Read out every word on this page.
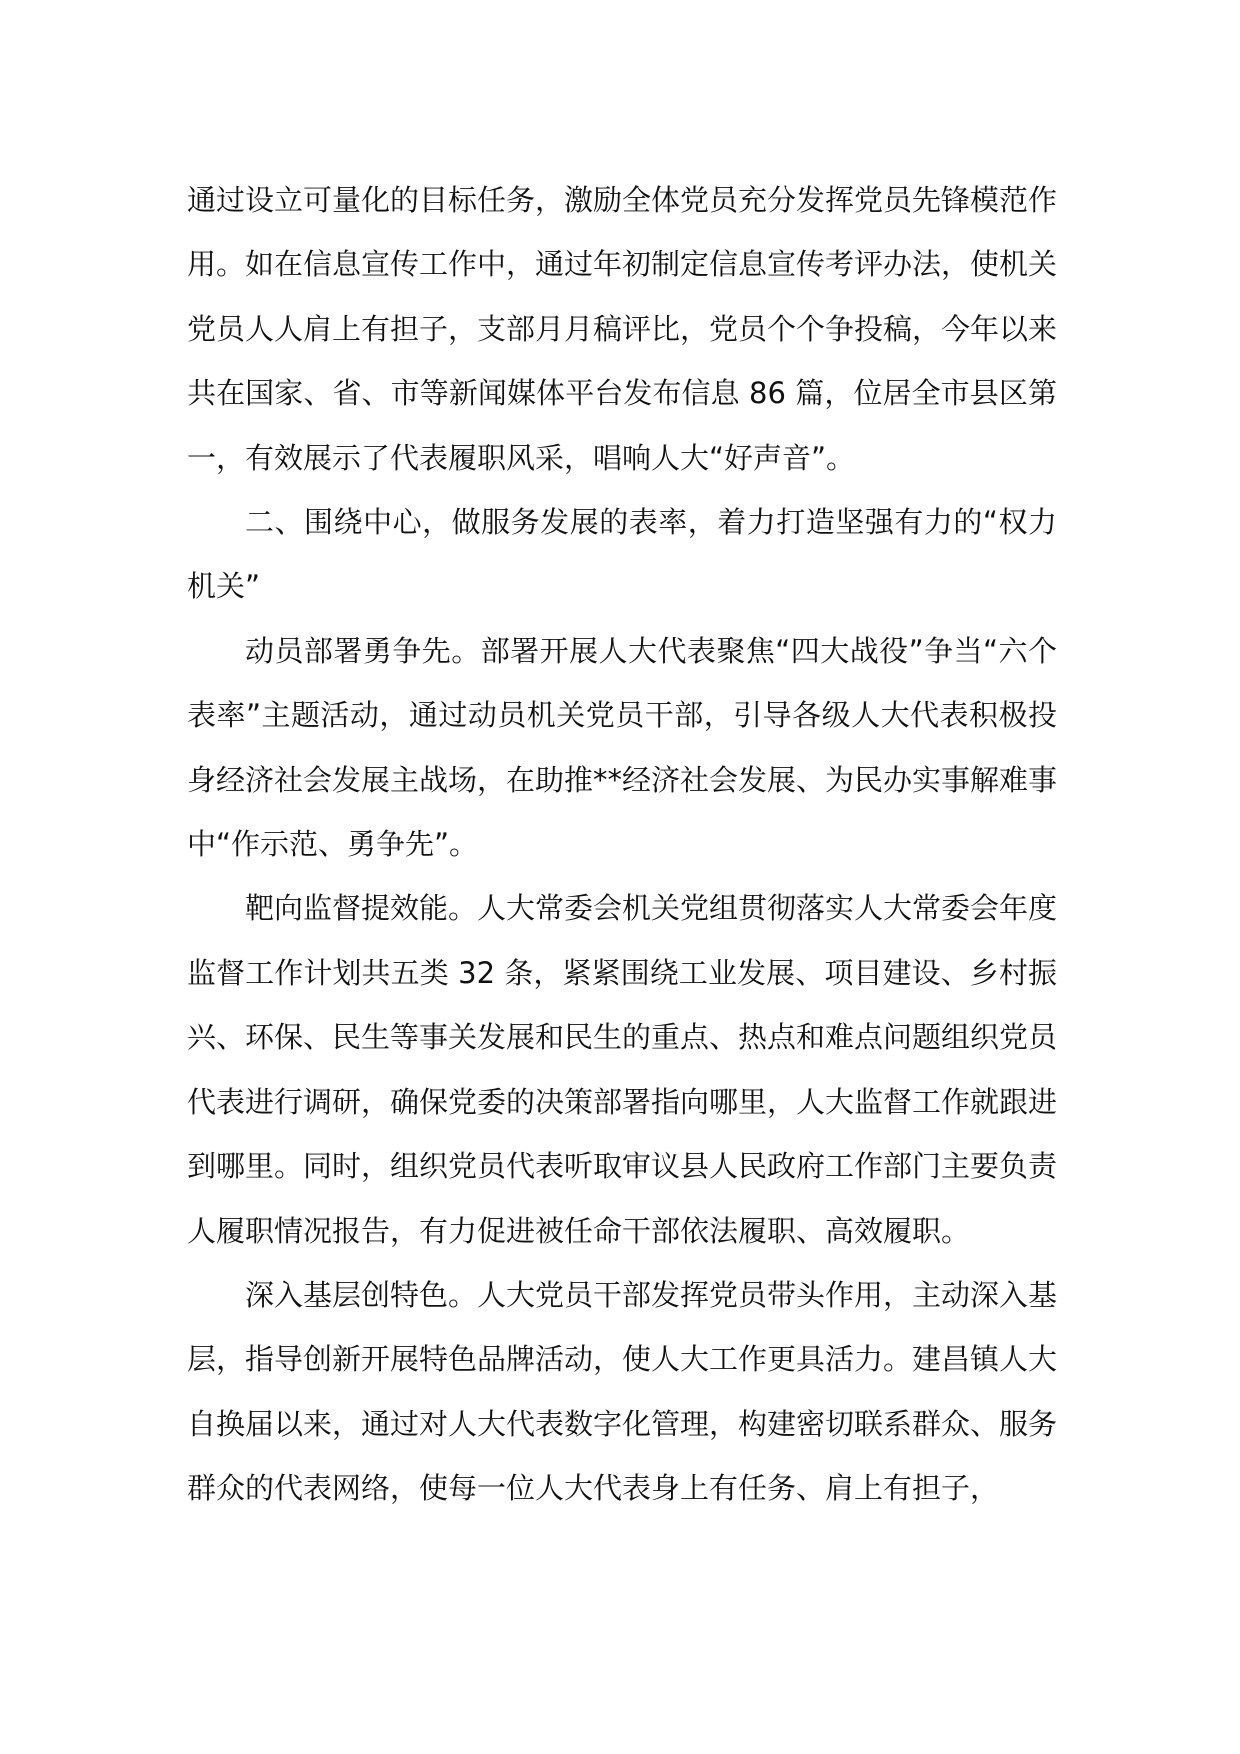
通过设立可量化的目标任务，激励全体党员充分发挥党员先锋模范作用。如在信息宣传工作中，通过年初制定信息宣传考评办法，使机关党员人人肩上有担子，支部月月稿评比，党员个个争投稿，今年以来共在国家、省、市等新闻媒体平台发布信息 86 篇，位居全市县区第一，有效展示了代表履职风采，唱响人大“好声音”。

二、围绕中心，做服务发展的表率，着力打造坚强有力的“权力机关”

动员部署勇争先。部署开展人大代表聚焦“四大战役”争当“六个表率”主题活动，通过动员机关党员干部，引导各级人大代表积极投身经济社会发展主战场，在助推**经济社会发展、为民办实事解难事中“作示范、勇争先”。

靶向监督提效能。人大常委会机关党组贯彻落实人大常委会年度监督工作计划共五类 32 条，紧紧围绕工业发展、项目建设、乡村振兴、环保、民生等事关发展和民生的重点、热点和难点问题组织党员代表进行调研，确保党委的决策部署指向哪里，人大监督工作就跟进到哪里。同时，组织党员代表听取审议县人民政府工作部门主要负责人履职情况报告，有力促进被任命干部依法履职、高效履职。

深入基层创特色。人大党员干部发挥党员带头作用，主动深入基层，指导创新开展特色品牌活动，使人大工作更具活力。建昌镇人大自换届以来，通过对人大代表数字化管理，构建密切联系群众、服务群众的代表网络，使每一位人大代表身上有任务、肩上有担子，
